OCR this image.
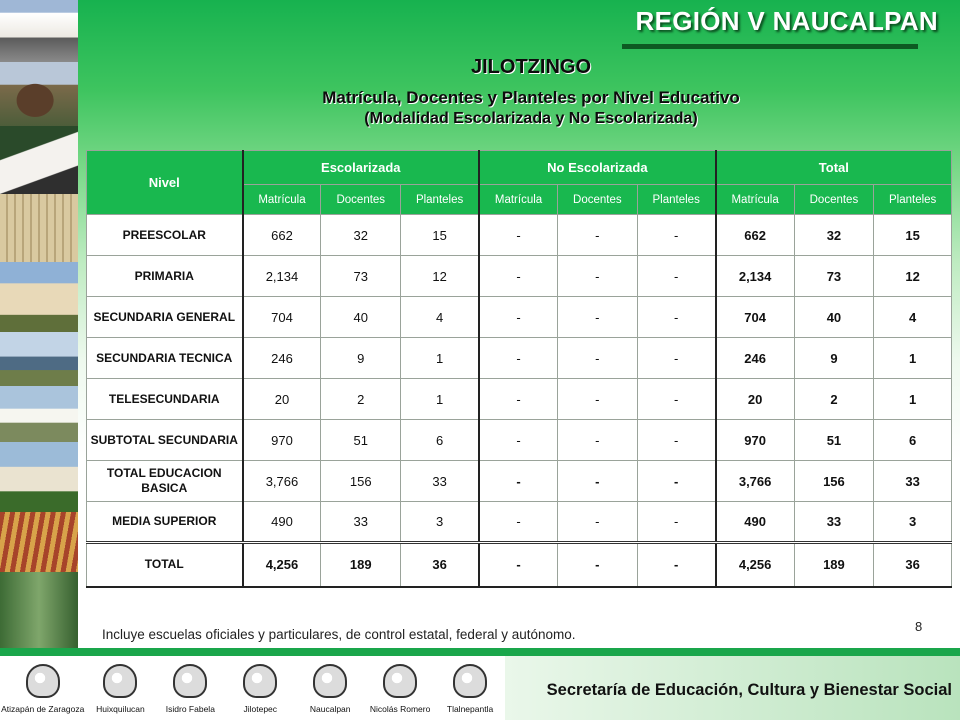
REGIÓN V NAUCALPAN
JILOTZINGO
Matrícula, Docentes y Planteles por Nivel Educativo
(Modalidad Escolarizada y No Escolarizada)
Nivel	Escolarizada			No Escolarizada			Total		
	Matrícula	Docentes	Planteles	Matrícula	Docentes	Planteles	Matrícula	Docentes	Planteles
PREESCOLAR	662	32	15	-	-	-	662	32	15
PRIMARIA	2,134	73	12	-	-	-	2,134	73	12
SECUNDARIA GENERAL	704	40	4	-	-	-	704	40	4
SECUNDARIA TECNICA	246	9	1	-	-	-	246	9	1
TELESECUNDARIA	20	2	1	-	-	-	20	2	1
SUBTOTAL SECUNDARIA	970	51	6	-	-	-	970	51	6
TOTAL EDUCACION BASICA	3,766	156	33	-	-	-	3,766	156	33
MEDIA SUPERIOR	490	33	3	-	-	-	490	33	3
TOTAL	4,256	189	36	-	-	-	4,256	189	36
Incluye escuelas oficiales y particulares, de control estatal, federal y autónomo.
8
Secretaría de Educación, Cultura y Bienestar Social
Atizapán de Zaragoza	Huixquilucan	Isidro Fabela	Jilotepec	Naucalpan	Nicolás Romero	Tlalnepantla
